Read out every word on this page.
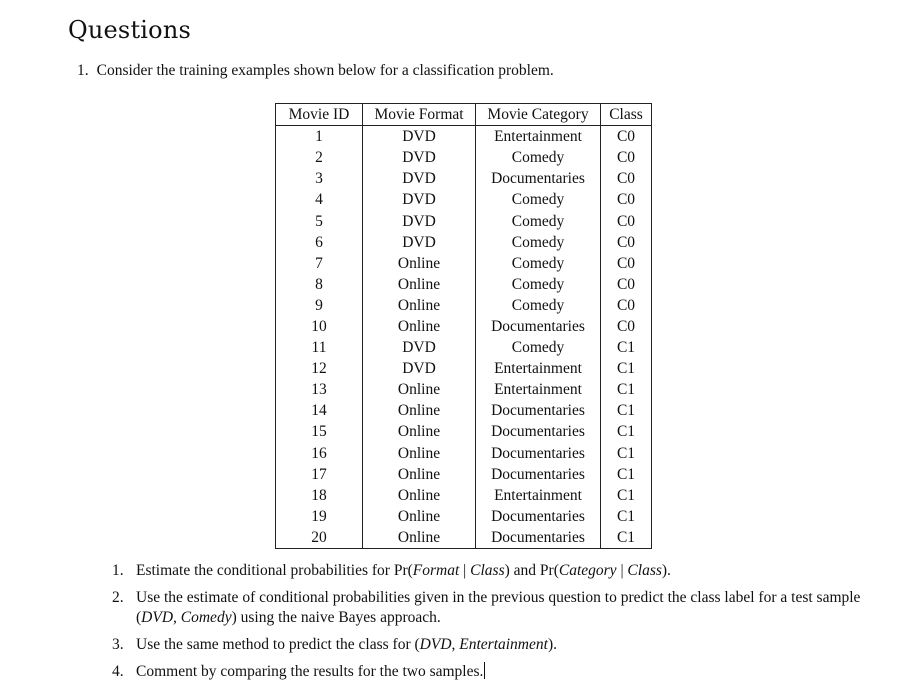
Questions
1. Consider the training examples shown below for a classification problem.
Movie ID	Movie Format	Movie Category	Class
1	DVD	Entertainment	C0
2	DVD	Comedy	C0
3	DVD	Documentaries	C0
4	DVD	Comedy	C0
5	DVD	Comedy	C0
6	DVD	Comedy	C0
7	Online	Comedy	C0
8	Online	Comedy	C0
9	Online	Comedy	C0
10	Online	Documentaries	C0
11	DVD	Comedy	C1
12	DVD	Entertainment	C1
13	Online	Entertainment	C1
14	Online	Documentaries	C1
15	Online	Documentaries	C1
16	Online	Documentaries	C1
17	Online	Documentaries	C1
18	Online	Entertainment	C1
19	Online	Documentaries	C1
20	Online	Documentaries	C1
1. Estimate the conditional probabilities for Pr(Format | Class) and Pr(Category | Class).
2. Use the estimate of conditional probabilities given in the previous question to predict the class label for a test sample (DVD, Comedy) using the naive Bayes approach.
3. Use the same method to predict the class for (DVD, Entertainment).
4. Comment by comparing the results for the two samples.
